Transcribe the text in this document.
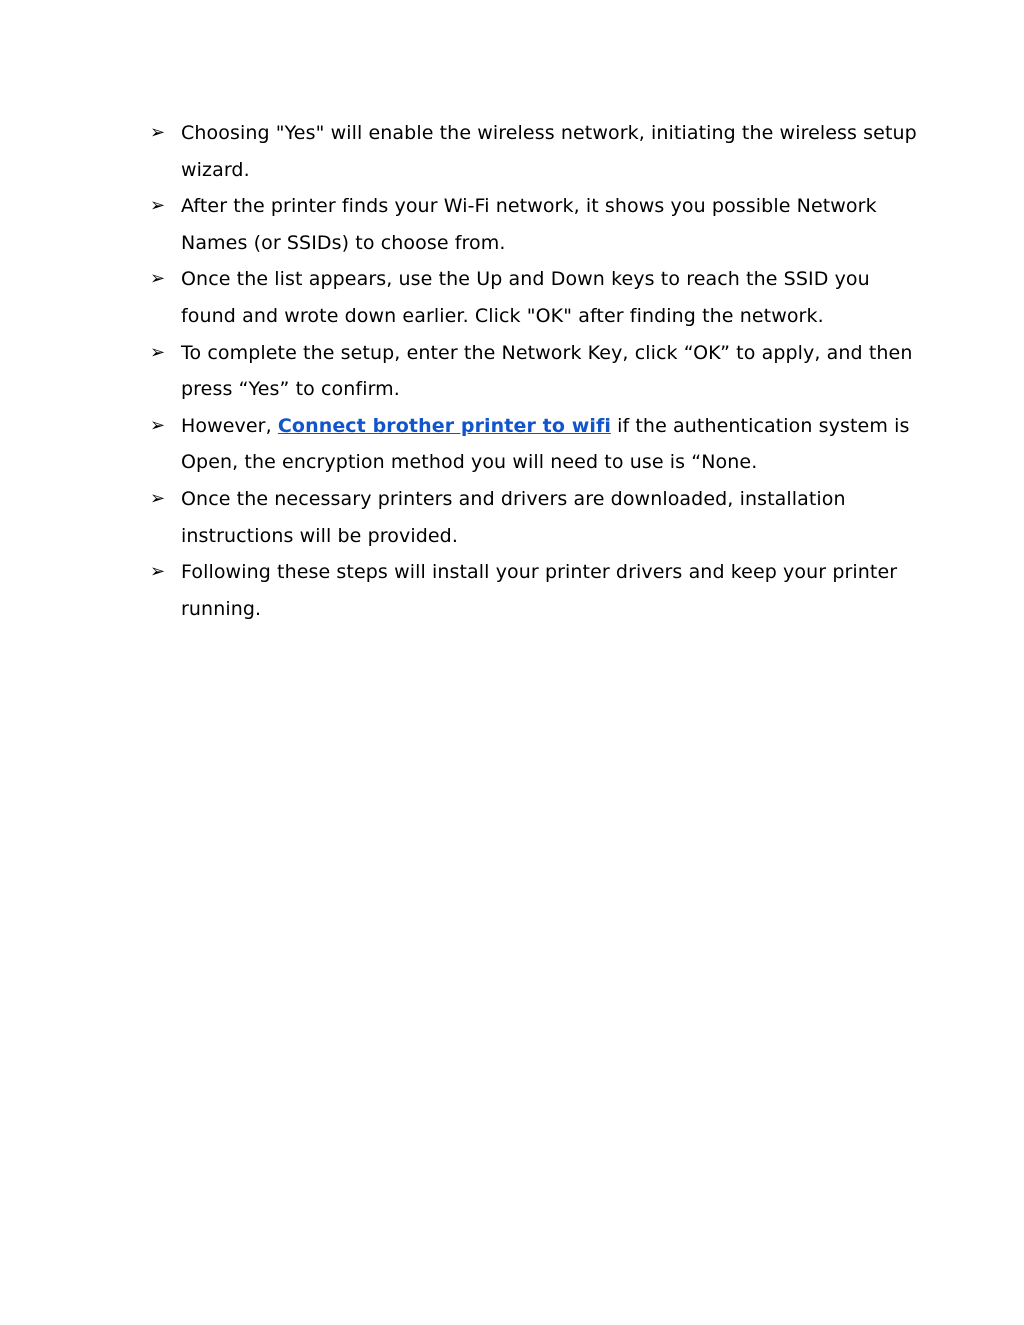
➢ Choosing "Yes" will enable the wireless network, initiating the wireless setup wizard.
➢ After the printer finds your Wi-Fi network, it shows you possible Network Names (or SSIDs) to choose from.
➢ Once the list appears, use the Up and Down keys to reach the SSID you found and wrote down earlier. Click "OK" after finding the network.
➢ To complete the setup, enter the Network Key, click “OK” to apply, and then press “Yes” to confirm.
➢ However, Connect brother printer to wifi if the authentication system is Open, the encryption method you will need to use is “None.
➢ Once the necessary printers and drivers are downloaded, installation instructions will be provided.
➢ Following these steps will install your printer drivers and keep your printer running.
